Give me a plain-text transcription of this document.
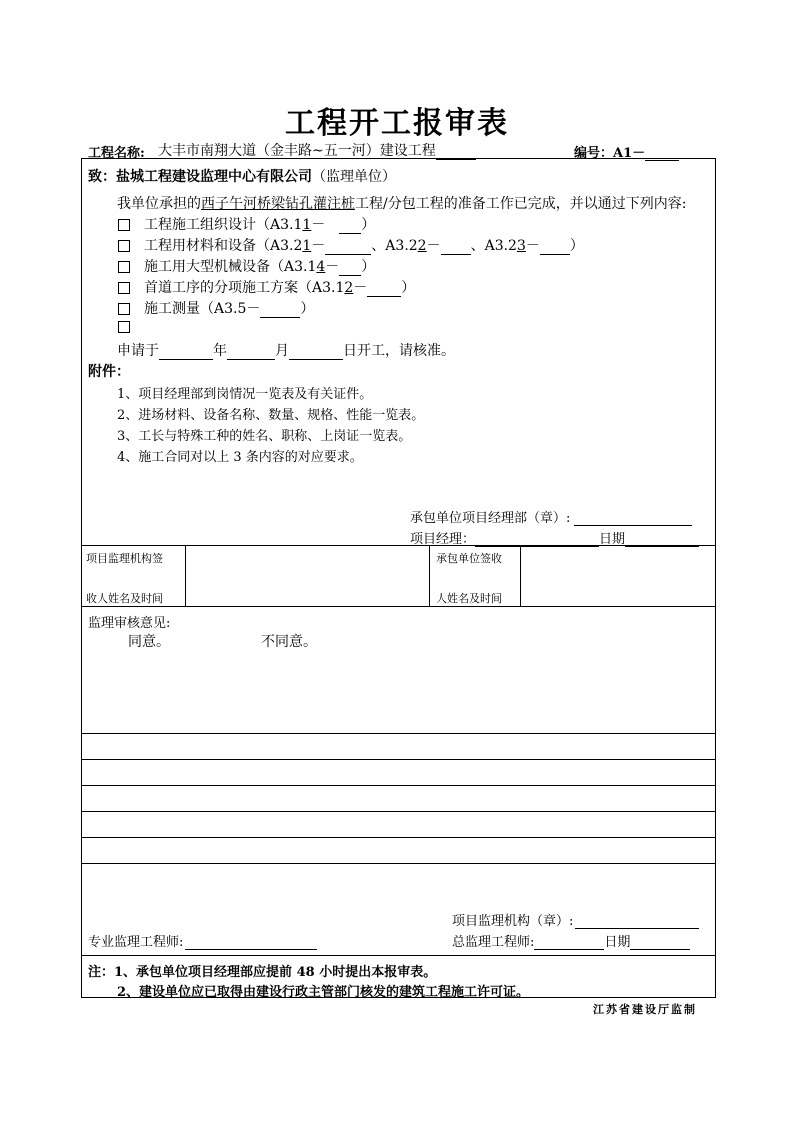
工程开工报审表
工程名称: 大丰市南翔大道（金丰路~五一河）建设工程	编号：A1－
致：盐城工程建设监理中心有限公司（监理单位）
我单位承担的西子午河桥梁钻孔灌注桩工程/分包工程的准备工作已完成，并以通过下列内容:
工程施工组织设计（A3.11－	）
工程用材料和设备（A3.21－	、A3.22－ 、A3.23－ ）
施工用大型机械设备（A3.14－ ）
首道工序的分项施工方案（A3.12－ ）
施工测量（A3.5－	）
申请于	年	月	日开工，请核准。
附件：
1、项目经理部到岗情况一览表及有关证件。
2、进场材料、设备名称、数量、规格、性能一览表。
3、工长与特殊工种的姓名、职称、上岗证一览表。
4、施工合同对以上 3 条内容的对应要求。
承包单位项目经理部（章）:
项目经理：	日期
项目监理机构签
收人姓名及时间
承包单位签收
人姓名及时间
监理审核意见:
同意。	不同意。
项目监理机构（章）:
专业监理工程师:	总监理工程师:	日期
注：1、承包单位项目经理部应提前 48 小时提出本报审表。
2、建设单位应已取得由建设行政主管部门核发的建筑工程施工许可证。
江苏省建设厅监制
